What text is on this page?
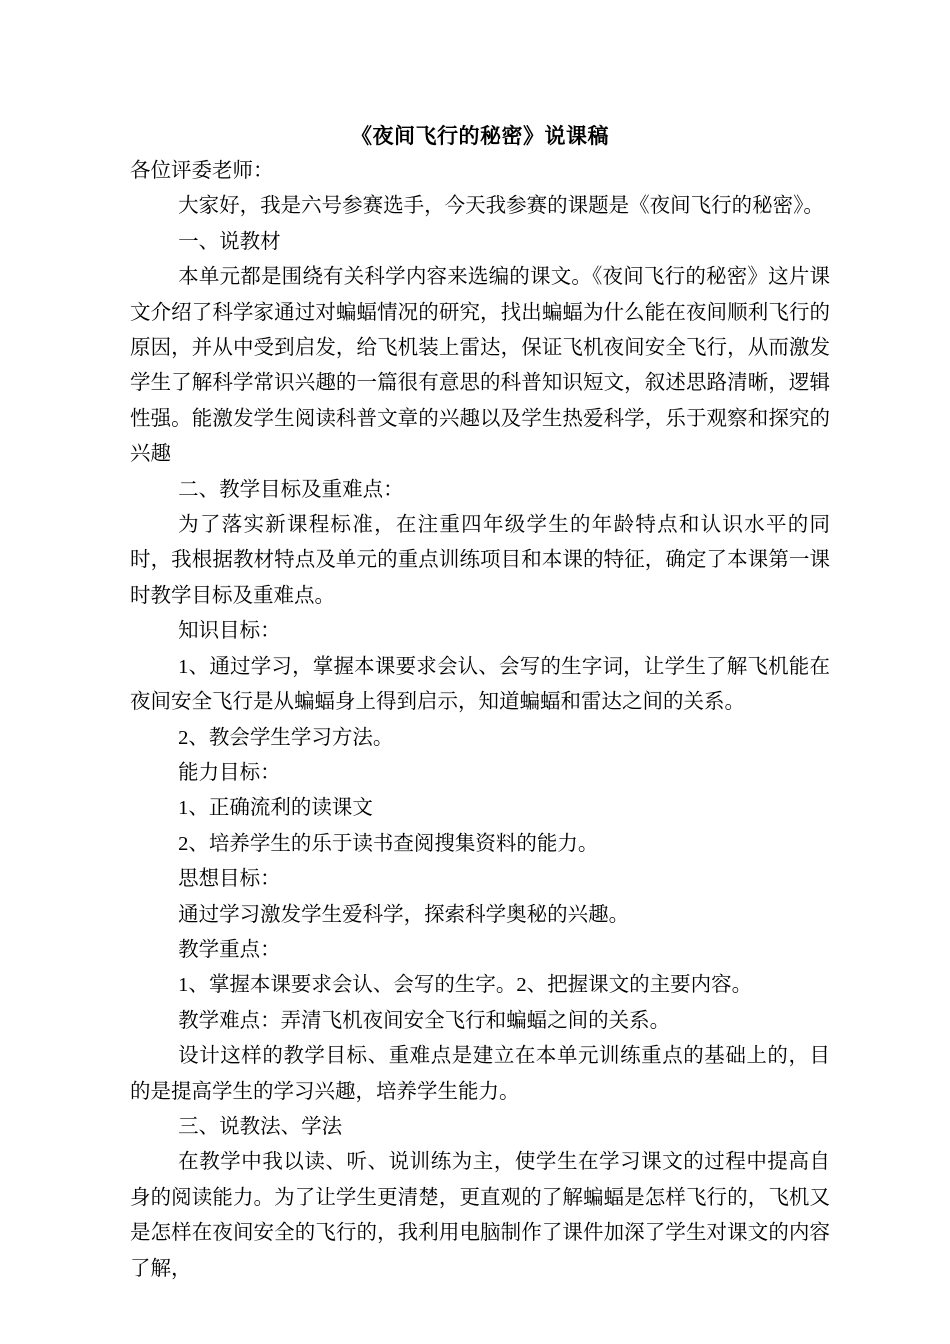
《夜间飞行的秘密》说课稿

各位评委老师：

大家好，我是六号参赛选手，今天我参赛的课题是《夜间飞行的秘密》。

一、说教材

本单元都是围绕有关科学内容来选编的课文。《夜间飞行的秘密》这片课文介绍了科学家通过对蝙蝠情况的研究，找出蝙蝠为什么能在夜间顺利飞行的原因，并从中受到启发，给飞机装上雷达，保证飞机夜间安全飞行，从而激发学生了解科学常识兴趣的一篇很有意思的科普知识短文，叙述思路清晰，逻辑性强。能激发学生阅读科普文章的兴趣以及学生热爱科学，乐于观察和探究的兴趣

二、教学目标及重难点：

为了落实新课程标准，在注重四年级学生的年龄特点和认识水平的同时，我根据教材特点及单元的重点训练项目和本课的特征，确定了本课第一课时教学目标及重难点。

知识目标：

1、通过学习，掌握本课要求会认、会写的生字词，让学生了解飞机能在夜间安全飞行是从蝙蝠身上得到启示，知道蝙蝠和雷达之间的关系。

2、教会学生学习方法。

能力目标：

1、正确流利的读课文

2、培养学生的乐于读书查阅搜集资料的能力。

思想目标：

通过学习激发学生爱科学，探索科学奥秘的兴趣。

教学重点：

1、掌握本课要求会认、会写的生字。2、把握课文的主要内容。

教学难点：弄清飞机夜间安全飞行和蝙蝠之间的关系。

设计这样的教学目标、重难点是建立在本单元训练重点的基础上的，目的是提高学生的学习兴趣，培养学生能力。

三、说教法、学法

在教学中我以读、听、说训练为主，使学生在学习课文的过程中提高自身的阅读能力。为了让学生更清楚，更直观的了解蝙蝠是怎样飞行的，飞机又是怎样在夜间安全的飞行的，我利用电脑制作了课件加深了学生对课文的内容了解，
